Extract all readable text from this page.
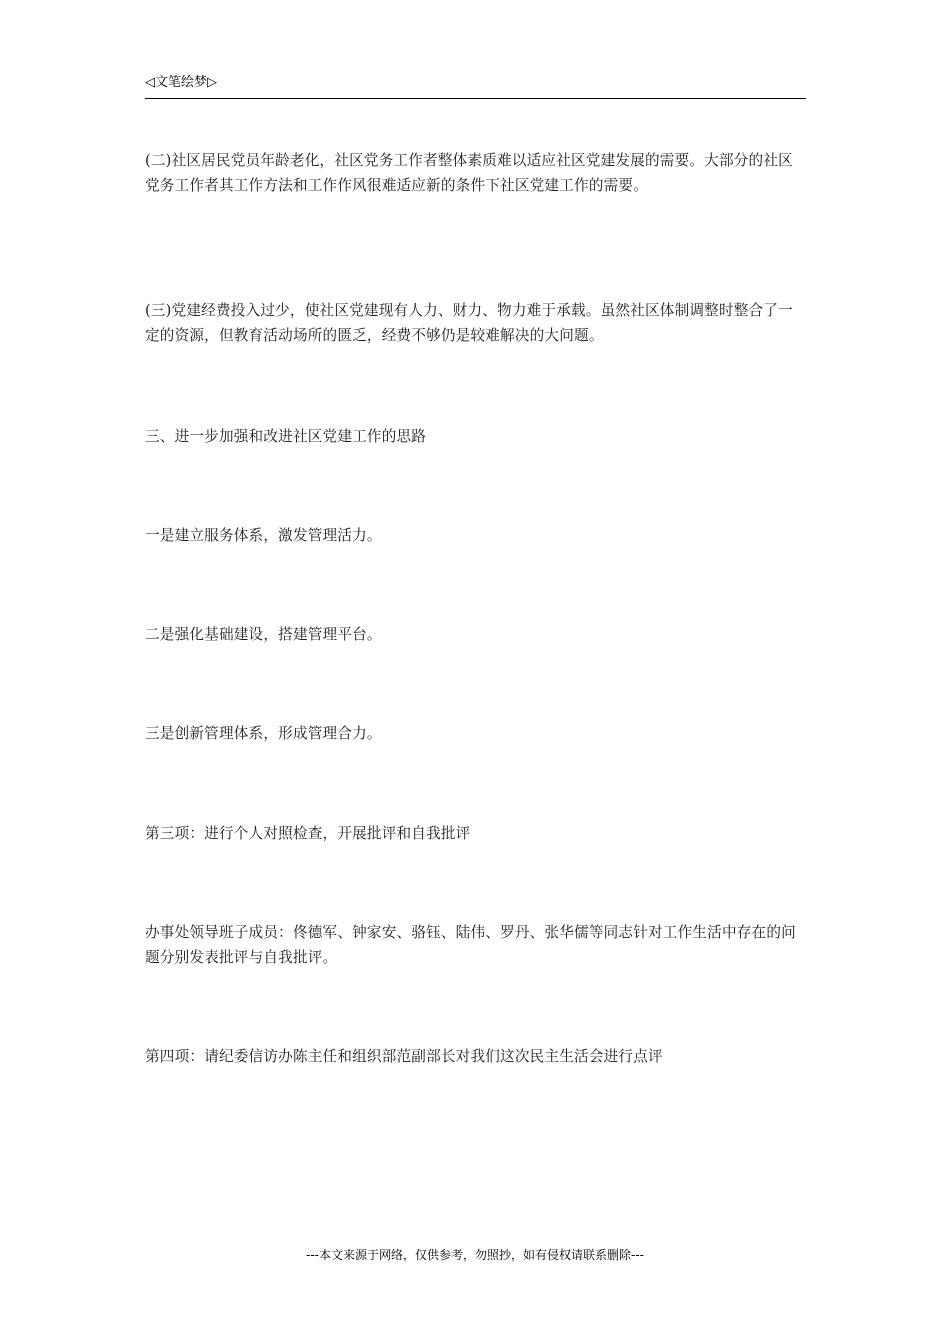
◁文笔绘梦▷

(二)社区居民党员年龄老化，社区党务工作者整体素质难以适应社区党建发展的需要。大部分的社区党务工作者其工作方法和工作作风很难适应新的条件下社区党建工作的需要。

(三)党建经费投入过少，使社区党建现有人力、财力、物力难于承载。虽然社区体制调整时整合了一定的资源，但教育活动场所的匮乏，经费不够仍是较难解决的大问题。

三、进一步加强和改进社区党建工作的思路

一是建立服务体系，激发管理活力。

二是强化基础建设，搭建管理平台。

三是创新管理体系，形成管理合力。

第三项：进行个人对照检查，开展批评和自我批评

办事处领导班子成员：佟德军、钟家安、骆钰、陆伟、罗丹、张华儒等同志针对工作生活中存在的问题分别发表批评与自我批评。

第四项：请纪委信访办陈主任和组织部范副部长对我们这次民主生活会进行点评

---本文来源于网络，仅供参考，勿照抄，如有侵权请联系删除---
